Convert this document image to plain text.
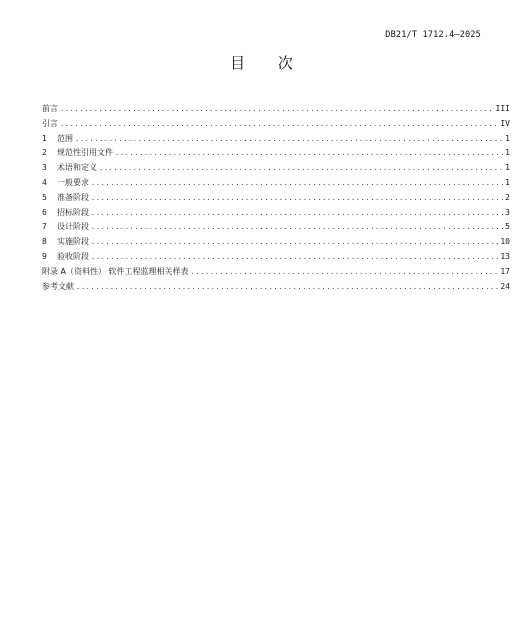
DB21/T 1712.4—2025
目 次
前言 .....	III
引言 .....	IV
1	范围 .....	1
2	规范性引用文件 .....	1
3	术语和定义 .....	1
4	一般要求 .....	1
5	准备阶段 .....	2
6	招标阶段 .....	3
7	设计阶段 .....	5
8	实施阶段 .....	10
9	验收阶段 .....	13
附录 A（资料性） 软件工程监理相关样表 .....	17
参考文献 .....	24
